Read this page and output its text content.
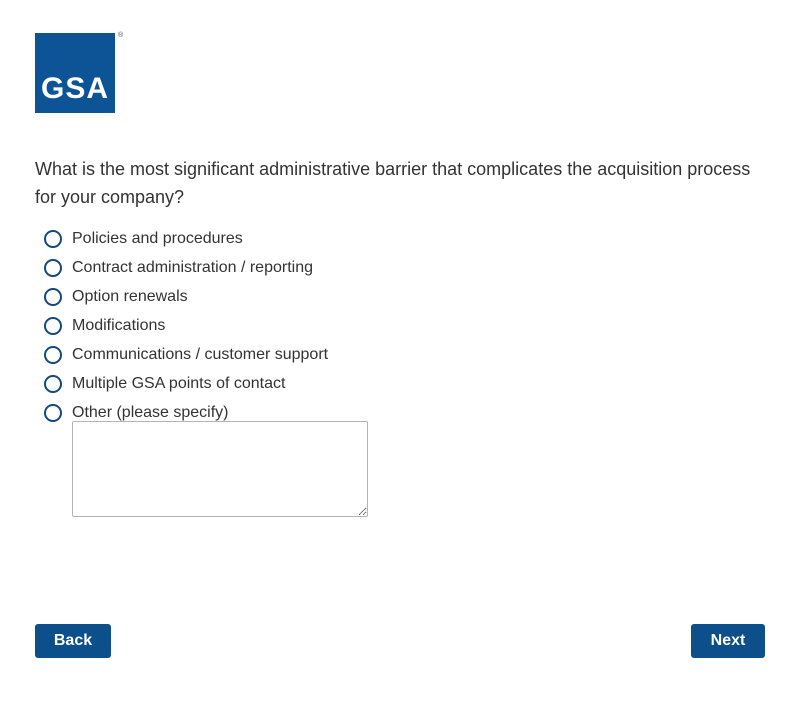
GSA
®
What is the most significant administrative barrier that complicates the acquisition process for your company?
Policies and procedures
Contract administration / reporting
Option renewals
Modifications
Communications / customer support
Multiple GSA points of contact
Other (please specify)
Back	Next
